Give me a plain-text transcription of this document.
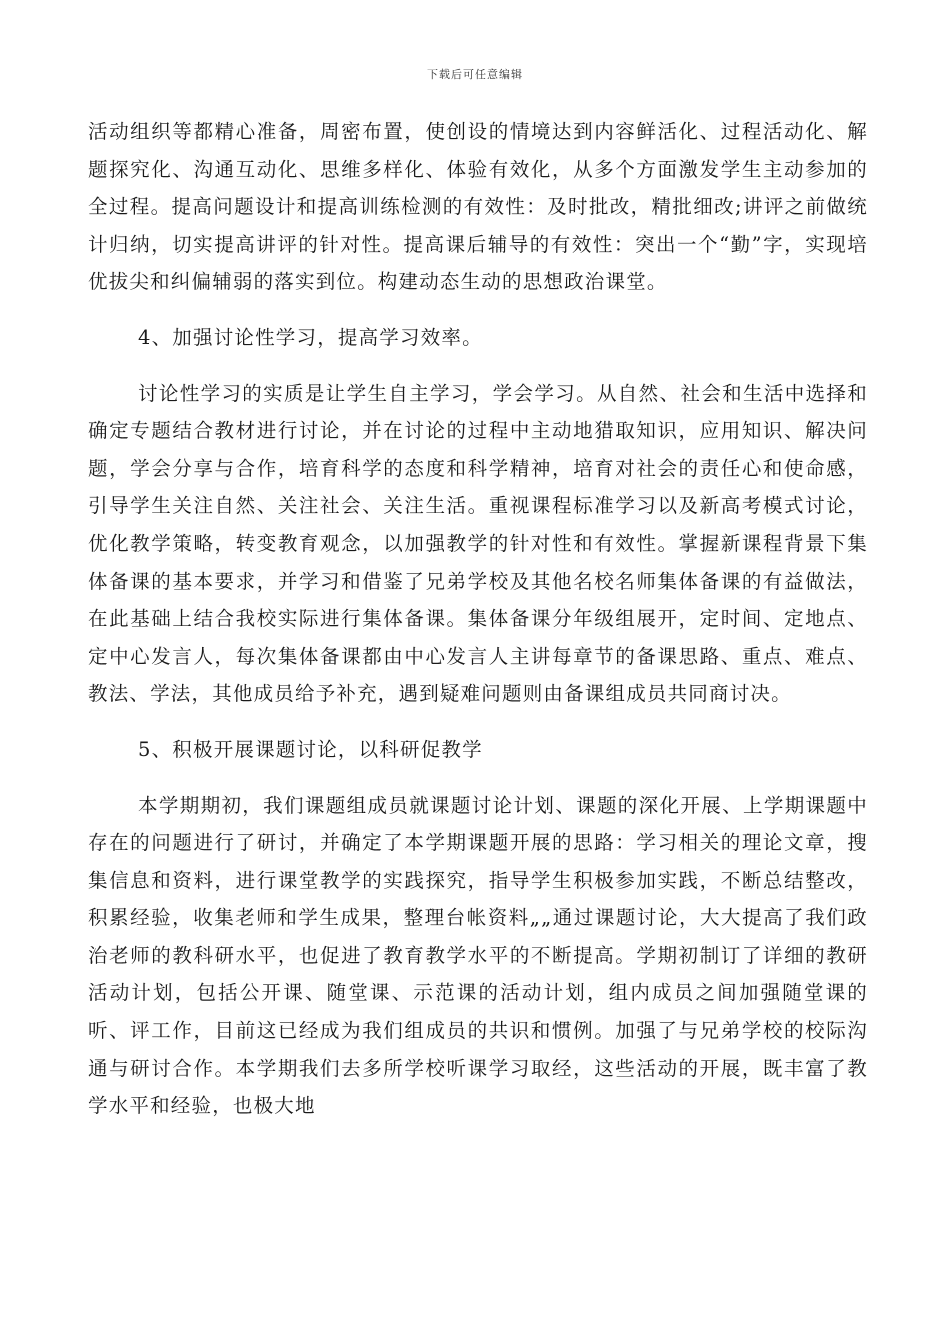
下载后可任意编辑

活动组织等都精心准备，周密布置，使创设的情境达到内容鲜活化、过程活动化、解题探究化、沟通互动化、思维多样化、体验有效化，从多个方面激发学生主动参加的全过程。提高问题设计和提高训练检测的有效性：及时批改，精批细改;讲评之前做统计归纳，切实提高讲评的针对性。提高课后辅导的有效性：突出一个“勤”字，实现培优拔尖和纠偏辅弱的落实到位。构建动态生动的思想政治课堂。

4、加强讨论性学习，提高学习效率。

讨论性学习的实质是让学生自主学习，学会学习。从自然、社会和生活中选择和确定专题结合教材进行讨论，并在讨论的过程中主动地猎取知识，应用知识、解决问题，学会分享与合作，培育科学的态度和科学精神，培育对社会的责任心和使命感，引导学生关注自然、关注社会、关注生活。重视课程标准学习以及新高考模式讨论，优化教学策略，转变教育观念，以加强教学的针对性和有效性。掌握新课程背景下集体备课的基本要求，并学习和借鉴了兄弟学校及其他名校名师集体备课的有益做法，在此基础上结合我校实际进行集体备课。集体备课分年级组展开，定时间、定地点、定中心发言人，每次集体备课都由中心发言人主讲每章节的备课思路、重点、难点、教法、学法，其他成员给予补充，遇到疑难问题则由备课组成员共同商讨决。

5、积极开展课题讨论，以科研促教学

本学期期初，我们课题组成员就课题讨论计划、课题的深化开展、上学期课题中存在的问题进行了研讨，并确定了本学期课题开展的思路：学习相关的理论文章，搜集信息和资料，进行课堂教学的实践探究，指导学生积极参加实践，不断总结整改，积累经验，收集老师和学生成果，整理台帐资料„„通过课题讨论，大大提高了我们政治老师的教科研水平，也促进了教育教学水平的不断提高。学期初制订了详细的教研活动计划，包括公开课、随堂课、示范课的活动计划，组内成员之间加强随堂课的听、评工作，目前这已经成为我们组成员的共识和惯例。加强了与兄弟学校的校际沟通与研讨合作。本学期我们去多所学校听课学习取经，这些活动的开展，既丰富了教学水平和经验，也极大地
